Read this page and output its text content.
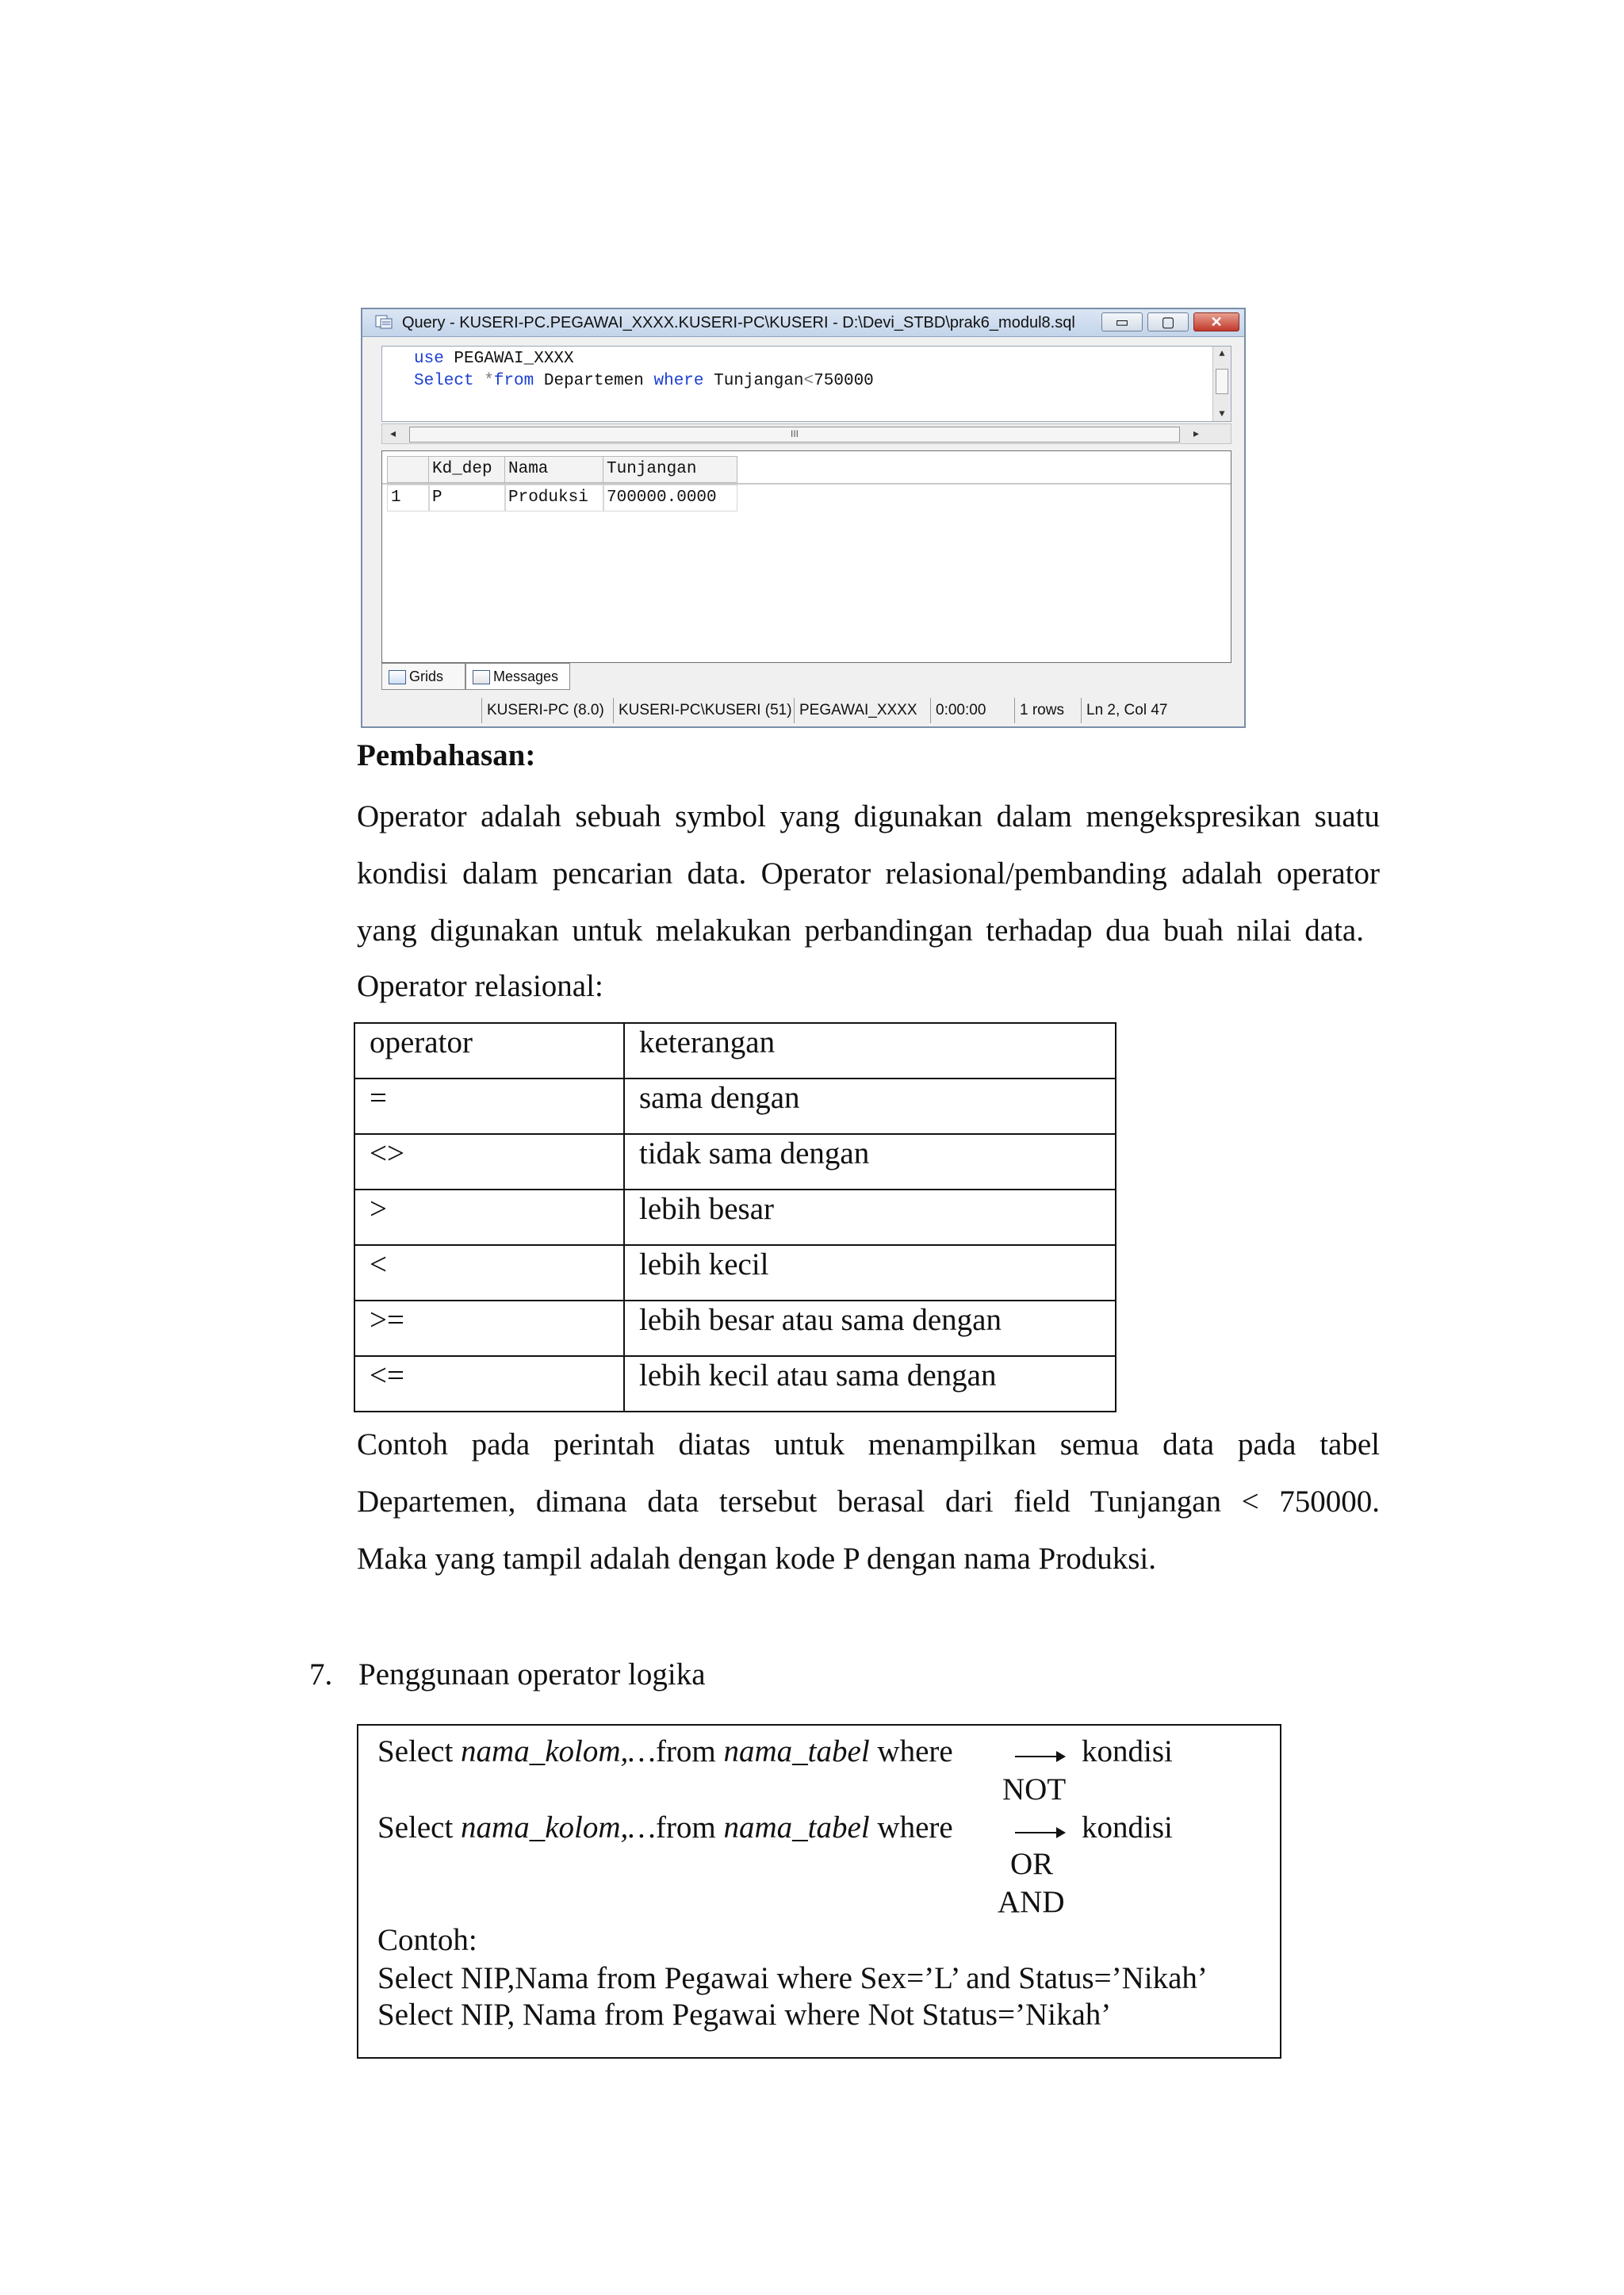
Query - KUSERI-PC.PEGAWAI_XXXX.KUSERI-PC\KUSERI - D:\Devi_STBD\prak6_modul8.sql	▭	▢	✕
use PEGAWAI_XXXX
Select *from Departemen where Tunjangan<750000
▲
▼
◂	III	▸
Kd_dep Nama	Tunjangan
1	P	Produksi	700000.0000
Grids	Messages
KUSERI-PC (8.0) KUSERI-PC\KUSERI (51) PEGAWAI_XXXX	0:00:00	1 rows	Ln 2, Col 47
Pembahasan:
Operator adalah sebuah symbol yang digunakan dalam mengekspresikan suatu
kondisi dalam pencarian data. Operator relasional/pembanding adalah operator
yang digunakan untuk melakukan perbandingan terhadap dua buah nilai data.
Operator relasional:
operator	keterangan
=	sama dengan
<>	tidak sama dengan
>	lebih besar
<	lebih kecil
>=	lebih besar atau sama dengan
<=	lebih kecil atau sama dengan
Contoh pada perintah diatas untuk menampilkan semua data pada tabel
Departemen, dimana data tersebut berasal dari field Tunjangan < 750000.
Maka yang tampil adalah dengan kode P dengan nama Produksi.
7. Penggunaan operator logika
Select nama_kolom,…from nama_tabel where	kondisi
NOT
Select nama_kolom,…from nama_tabel where	kondisi
OR
AND
Contoh:
Select NIP,Nama from Pegawai where Sex=’L’ and Status=’Nikah’
Select NIP, Nama from Pegawai where Not Status=’Nikah’
